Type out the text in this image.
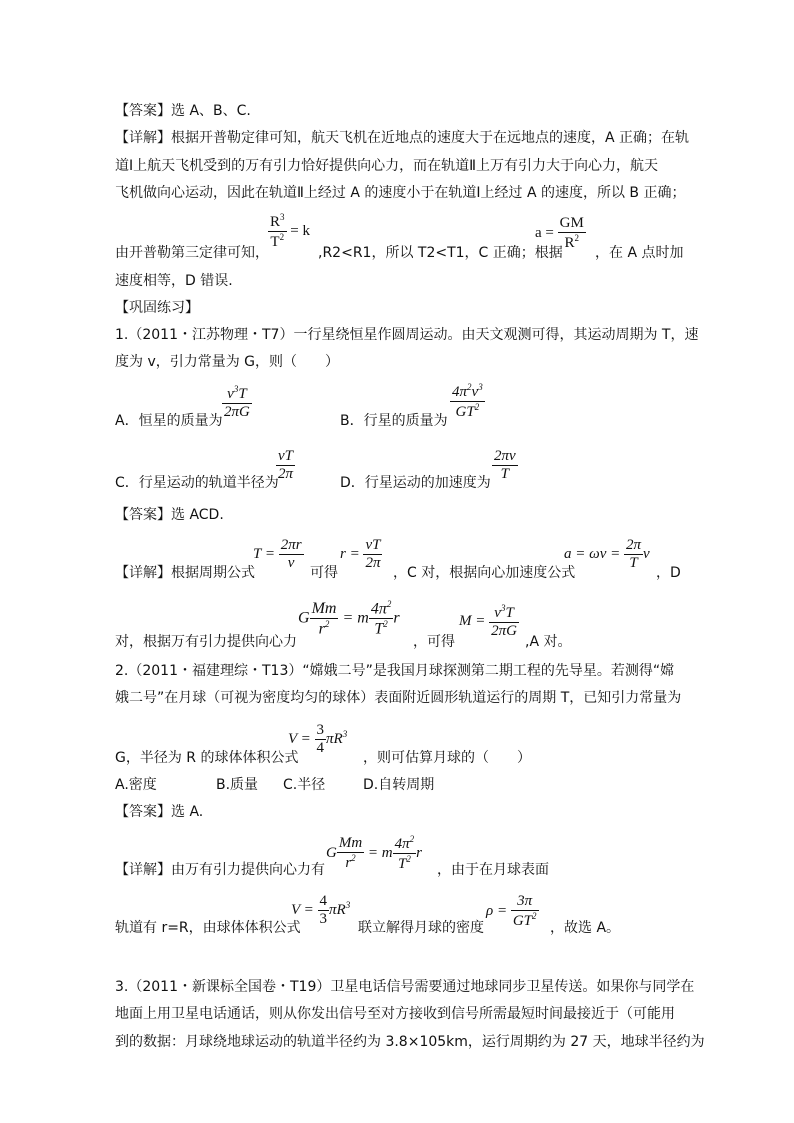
【答案】选 A、B、C.
【详解】根据开普勒定律可知，航天飞机在近地点的速度大于在远地点的速度，A 正确；在轨
道Ⅰ上航天飞机受到的万有引力恰好提供向心力，而在轨道Ⅱ上万有引力大于向心力，航天
飞机做向心运动，因此在轨道Ⅱ上经过 A 的速度小于在轨道Ⅰ上经过 A 的速度，所以 B 正确；
由开普勒第三定律可知，
$\frac{R^3}{T^2} = k$
,R2<R1，所以 T2<T1，C 正确；根据
$a = \frac{GM}{R^2}$
，在 A 点时加
速度相等，D 错误.
【巩固练习】
1.（2011・江苏物理・T7）一行星绕恒星作圆周运动。由天文观测可得，其运动周期为 T，速
度为 v，引力常量为 G，则（　　）
A．恒星的质量为 $\frac{v^3T}{2\pi G}$	B．行星的质量为 $\frac{4\pi^2v^3}{GT^2}$
C．行星运动的轨道半径为
$\frac{vT}{2\pi}$	D．行星运动的加速度为 $\frac{2\pi v}{T}$
【答案】选 ACD.
【详解】根据周期公式
$T = \frac{2\pi r}{v}$
可得
$r = \frac{vT}{2\pi}$
，C 对，根据向心加速度公式
$a = \omega v = \frac{2\pi}{T}$ v
，D
对，根据万有引力提供向心力
G $\frac{Mm}{r^2} = m \frac{4\pi^2}{T^2}$ r
，可得
$M = \frac{v^3T}{2\pi G}$
,A 对。
2.（2011・福建理综・T13）“嫦娥二号”是我国月球探测第二期工程的先导星。若测得“嫦
娥二号”在月球（可视为密度均匀的球体）表面附近圆形轨道运行的周期 T，已知引力常量为
G，半径为 R 的球体体积公式
$V = \frac{3}{4} \pi R^3$
，则可估算月球的（　　）
A.密度	B.质量 C.半径	D.自转周期
【答案】选 A.
【详解】由万有引力提供向心力有
G $\frac{Mm}{r^2} = m \frac{4\pi^2}{T^2}$ r
，由于在月球表面
轨道有 r=R，由球体体积公式
$V = \frac{4}{3} \pi R^3$
联立解得月球的密度
$\rho = \frac{3\pi}{GT^2}$ ，故选 A。
3.（2011・新课标全国卷・T19）卫星电话信号需要通过地球同步卫星传送。如果你与同学在
地面上用卫星电话通话，则从你发出信号至对方接收到信号所需最短时间最接近于（可能用
到的数据：月球绕地球运动的轨道半径约为 3.8×105km，运行周期约为 27 天，地球半径约为
